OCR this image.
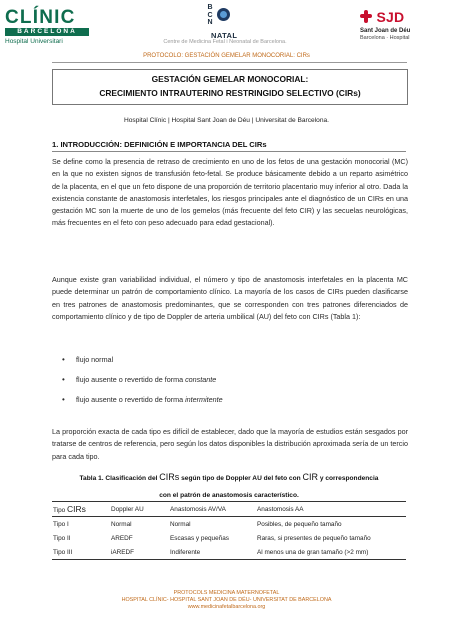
CLÍNIC
BARCELONA
Hospital Universitari
B
C
N
NATAL
Centre de Medicina Fetal i Neonatal de Barcelona.
SJD
Sant Joan de Déu
Barcelona · Hospital
PROTOCOLO: GESTACIÓN GEMELAR MONOCORIAL: CIRs
GESTACIÓN GEMELAR MONOCORIAL:
CRECIMIENTO INTRAUTERINO RESTRINGIDO SELECTIVO (CIRs)
Hospital Clínic | Hospital Sant Joan de Déu | Universitat de Barcelona.
1. INTRODUCCIÓN: DEFINICIÓN E IMPORTANCIA DEL CIRs

Se define como la presencia de retraso de crecimiento en uno de los fetos de una gestación monocorial (MC) en la que no existen signos de transfusión feto-fetal. Se produce básicamente debido a un reparto asimétrico de la placenta, en el que un feto dispone de una proporción de territorio placentario muy inferior al otro. Dada la existencia constante de anastomosis interfetales, los riesgos principales ante el diagnóstico de un CIRs en una gestación MC son la muerte de uno de los gemelos (más frecuente del feto CIR) y las secuelas neurológicas, más frecuentes en el feto con peso adecuado para edad gestacional).

Aunque existe gran variabilidad individual, el número y tipo de anastomosis interfetales en la placenta MC puede determinar un patrón de comportamiento clínico. La mayoría de los casos de CIRs pueden clasificarse en tres patrones de anastomosis predominantes, que se corresponden con tres patrones diferenciados de comportamiento clínico y de tipo de Doppler de arteria umbilical (AU) del feto con CIRs (Tabla 1):

• flujo normal
• flujo ausente o revertido de forma constante
• flujo ausente o revertido de forma intermitente

La proporción exacta de cada tipo es difícil de establecer, dado que la mayoría de estudios están sesgados por tratarse de centros de referencia, pero según los datos disponibles la distribución aproximada sería de un tercio para cada tipo.

Tabla 1. Clasificación del CIRs según tipo de Doppler AU del feto con CIR y correspondencia
con el patrón de anastomosis característico.
Tipo CIRs	Doppler AU	Anastomosis AV/VA	Anastomosis AA
Tipo I	Normal	Normal	Posibles, de pequeño tamaño
Tipo II	AREDF	Escasas y pequeñas	Raras, si presentes de pequeño tamaño
Tipo III	iAREDF	Indiferente	Al menos una de gran tamaño (>2 mm)
PROTOCOLS MEDICINA MATERNOFETAL
HOSPITAL CLÍNIC- HOSPITAL SANT JOAN DE DÉU- UNIVERSITAT DE BARCELONA
www.medicinafetalbarcelona.org
